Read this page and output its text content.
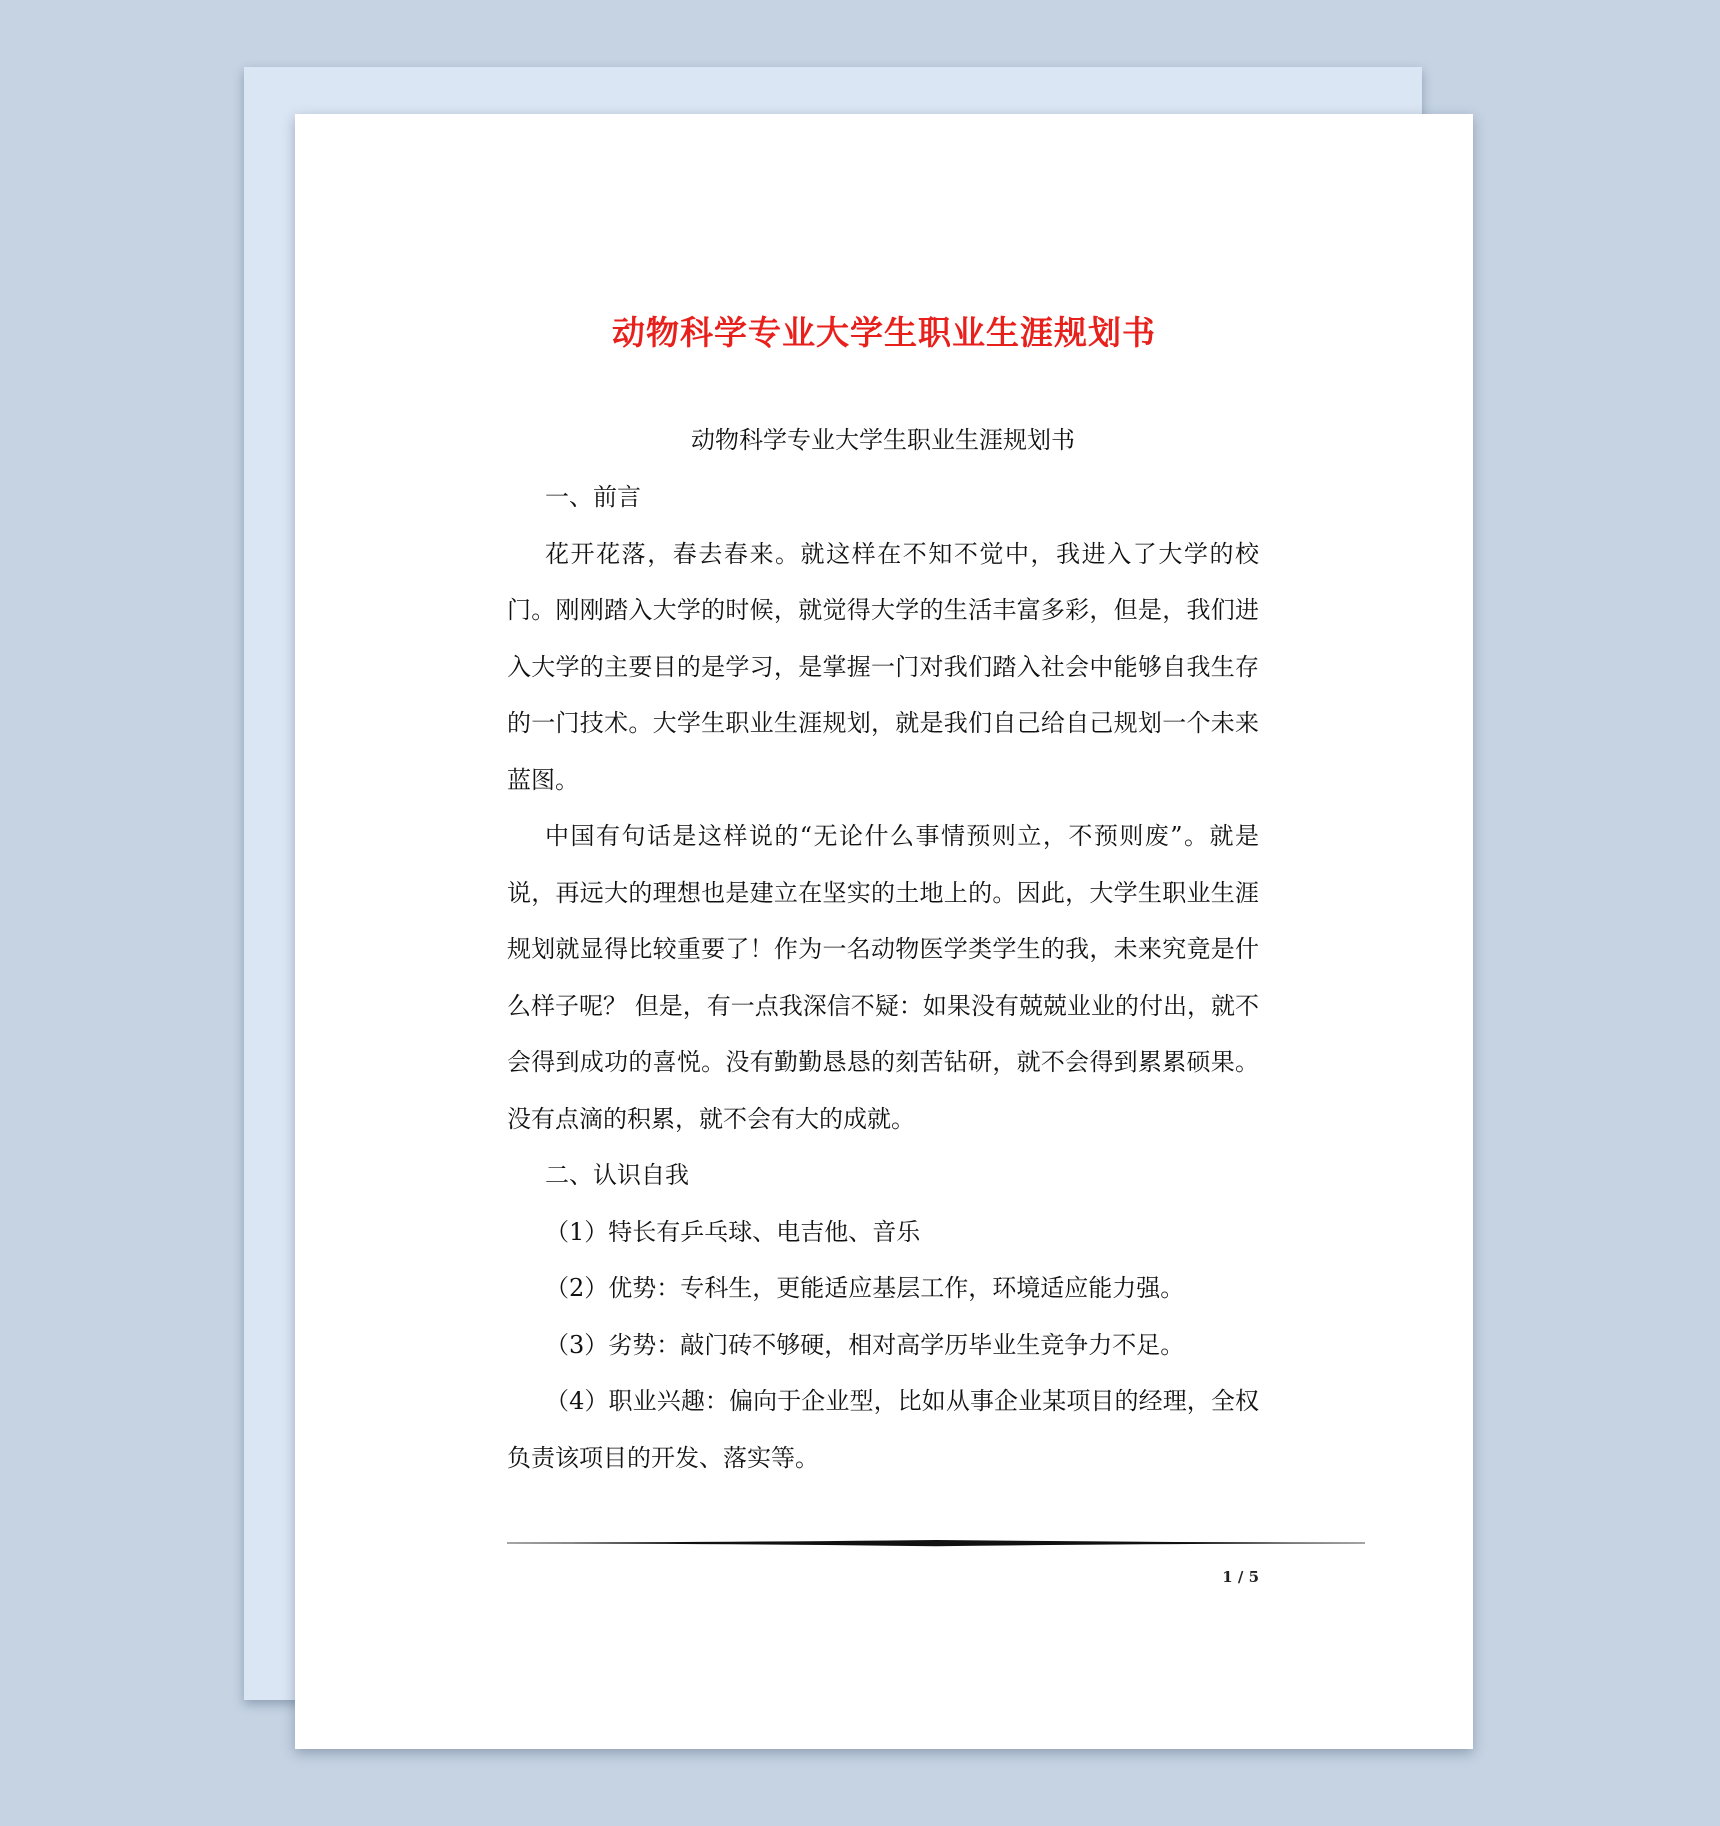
动物科学专业大学生职业生涯规划书
动物科学专业大学生职业生涯规划书

一、前言

花开花落，春去春来。就这样在不知不觉中，我进入了大学的校门。刚刚踏入大学的时候，就觉得大学的生活丰富多彩，但是，我们进入大学的主要目的是学习，是掌握一门对我们踏入社会中能够自我生存的一门技术。大学生职业生涯规划，就是我们自己给自己规划一个未来蓝图。

中国有句话是这样说的“无论什么事情预则立，不预则废”。就是说，再远大的理想也是建立在坚实的土地上的。因此，大学生职业生涯规划就显得比较重要了！作为一名动物医学类学生的我，未来究竟是什么样子呢？ 但是，有一点我深信不疑：如果没有兢兢业业的付出，就不会得到成功的喜悦。没有勤勤恳恳的刻苦钻研，就不会得到累累硕果。没有点滴的积累，就不会有大的成就。

二、认识自我

（1）特长有乒乓球、电吉他、音乐

（2）优势：专科生，更能适应基层工作，环境适应能力强。

（3）劣势：敲门砖不够硬，相对高学历毕业生竞争力不足。

（4）职业兴趣：偏向于企业型，比如从事企业某项目的经理，全权负责该项目的开发、落实等。

1 / 5
